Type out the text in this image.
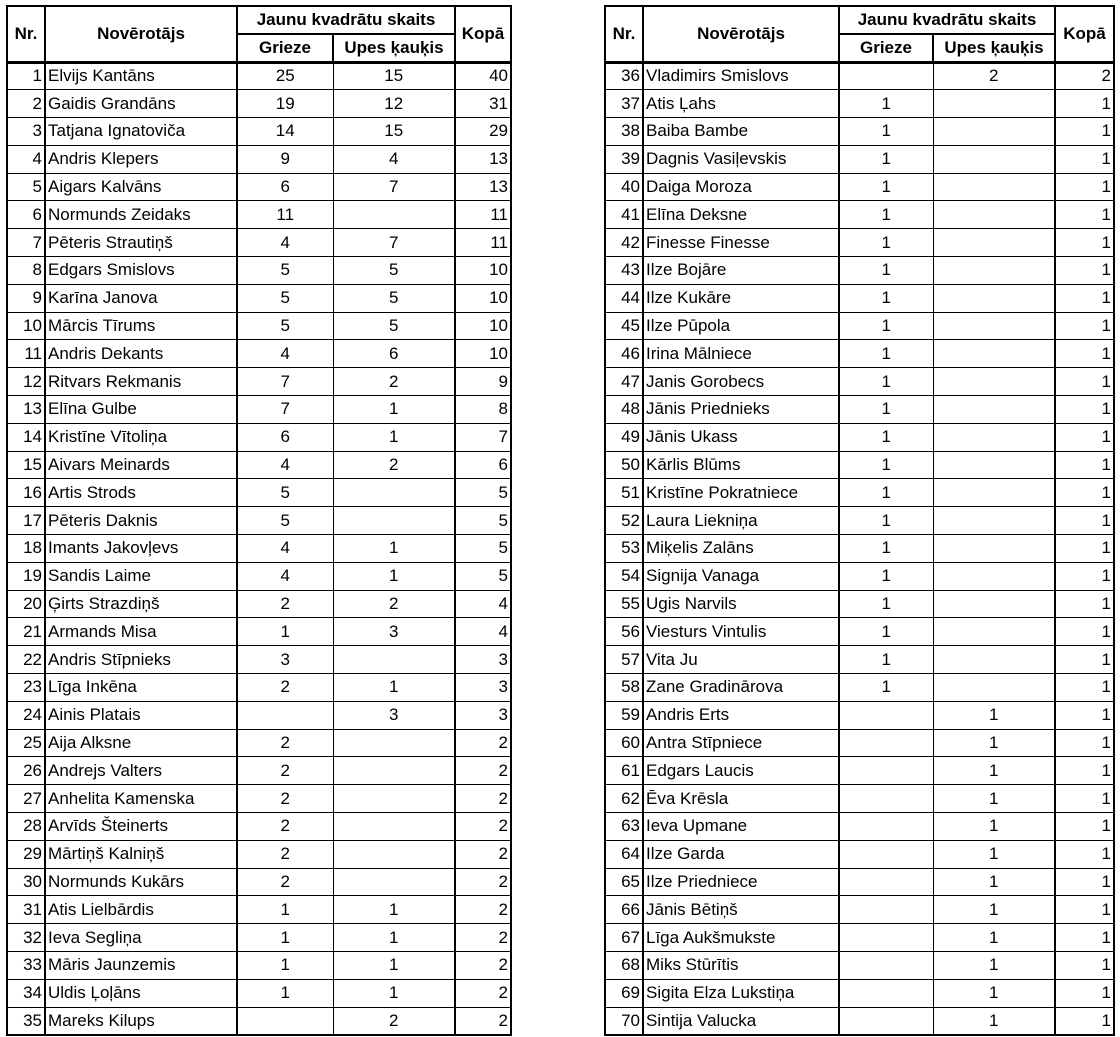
Nr.	Novērotājs	Jaunu kvadrātu skaits		Kopā
		Grieze	Upes ķauķis	
1	Elvijs Kantāns	25	15	40
2	Gaidis Grandāns	19	12	31
3	Tatjana Ignatoviča	14	15	29
4	Andris Klepers	9	4	13
5	Aigars Kalvāns	6	7	13
6	Normunds Zeidaks	11		11
7	Pēteris Strautiņš	4	7	11
8	Edgars Smislovs	5	5	10
9	Karīna Janova	5	5	10
10	Mārcis Tīrums	5	5	10
11	Andris Dekants	4	6	10
12	Ritvars Rekmanis	7	2	9
13	Elīna Gulbe	7	1	8
14	Kristīne Vītoliņa	6	1	7
15	Aivars Meinards	4	2	6
16	Artis Strods	5		5
17	Pēteris Daknis	5		5
18	Imants Jakovļevs	4	1	5
19	Sandis Laime	4	1	5
20	Ģirts Strazdiņš	2	2	4
21	Armands Misa	1	3	4
22	Andris Stīpnieks	3		3
23	Līga Inkēna	2	1	3
24	Ainis Platais		3	3
25	Aija Alksne	2		2
26	Andrejs Valters	2		2
27	Anhelita Kamenska	2		2
28	Arvīds Šteinerts	2		2
29	Mārtiņš Kalniņš	2		2
30	Normunds Kukārs	2		2
31	Atis Lielbārdis	1	1	2
32	Ieva Segliņa	1	1	2
33	Māris Jaunzemis	1	1	2
34	Uldis Ļoļāns	1	1	2
35	Mareks Kilups		2	2
Nr.	Novērotājs	Jaunu kvadrātu skaits		Kopā
		Grieze	Upes ķauķis	
36	Vladimirs Smislovs		2	2
37	Atis Ļahs	1		1
38	Baiba Bambe	1		1
39	Dagnis Vasiļevskis	1		1
40	Daiga Moroza	1		1
41	Elīna Deksne	1		1
42	Finesse Finesse	1		1
43	Ilze Bojāre	1		1
44	Ilze Kukāre	1		1
45	Ilze Pūpola	1		1
46	Irina Mālniece	1		1
47	Janis Gorobecs	1		1
48	Jānis Priednieks	1		1
49	Jānis Ukass	1		1
50	Kārlis Blūms	1		1
51	Kristīne Pokratniece	1		1
52	Laura Liekniņa	1		1
53	Miķelis Zalāns	1		1
54	Signija Vanaga	1		1
55	Ugis Narvils	1		1
56	Viesturs Vintulis	1		1
57	Vita Ju	1		1
58	Zane Gradinārova	1		1
59	Andris Erts		1	1
60	Antra Stīpniece		1	1
61	Edgars Laucis		1	1
62	Ēva Krēsla		1	1
63	Ieva Upmane		1	1
64	Ilze Garda		1	1
65	Ilze Priedniece		1	1
66	Jānis Bētiņš		1	1
67	Līga Aukšmukste		1	1
68	Miks Stūrītis		1	1
69	Sigita Elza Lukstiņa		1	1
70	Sintija Valucka		1	1
